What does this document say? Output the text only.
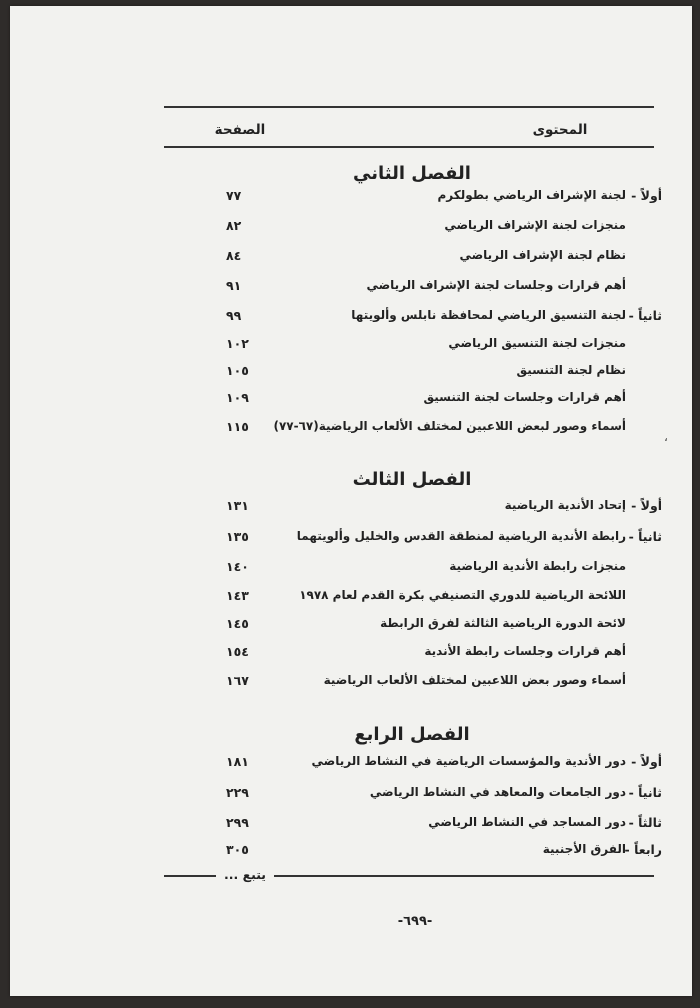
المحتوى
الصفحة
الفصل الثاني
أولاً -
لجنة الإشراف الرياضي بطولكرم
٧٧
منجزات لجنة الإشراف الرياضي
٨٢
نظام لجنة الإشراف الرياضي
٨٤
أهم قرارات وجلسات لجنة الإشراف الرياضي
٩١
ثانياً -
لجنة التنسيق الرياضي لمحافظة نابلس وألويتها
٩٩
منجزات لجنة التنسيق الرياضي
١٠٢
نظام لجنة التنسيق
١٠٥
أهم قرارات وجلسات لجنة التنسيق
١٠٩
أسماء وصور لبعض اللاعبين لمختلف الألعاب الرياضية(٦٧-٧٧)
١١٥
،
الفصل الثالث
أولاً -
إتحاد الأندية الرياضية
١٣١
ثانياً -
رابطة الأندية الرياضية لمنطقة القدس والخليل وألويتهما
١٣٥
منجزات رابطة الأندية الرياضية
١٤٠
اللائحة الرياضية للدوري التصنيفي بكرة القدم لعام ١٩٧٨
١٤٣
لائحة الدورة الرياضية الثالثة لفرق الرابطة
١٤٥
أهم قرارات وجلسات رابطة الأندية
١٥٤
أسماء وصور بعض اللاعبين لمختلف الألعاب الرياضية
١٦٧
الفصل الرابع
أولاً -
دور الأندية والمؤسسات الرياضية في النشاط الرياضي
١٨١
ثانياً -
دور الجامعات والمعاهد في النشاط الرياضي
٢٢٩
ثالثاً -
دور المساجد في النشاط الرياضي
٢٩٩
رابعاً -
الفرق الأجنبية
٣٠٥
يتبع ...
-٦٩٩-
